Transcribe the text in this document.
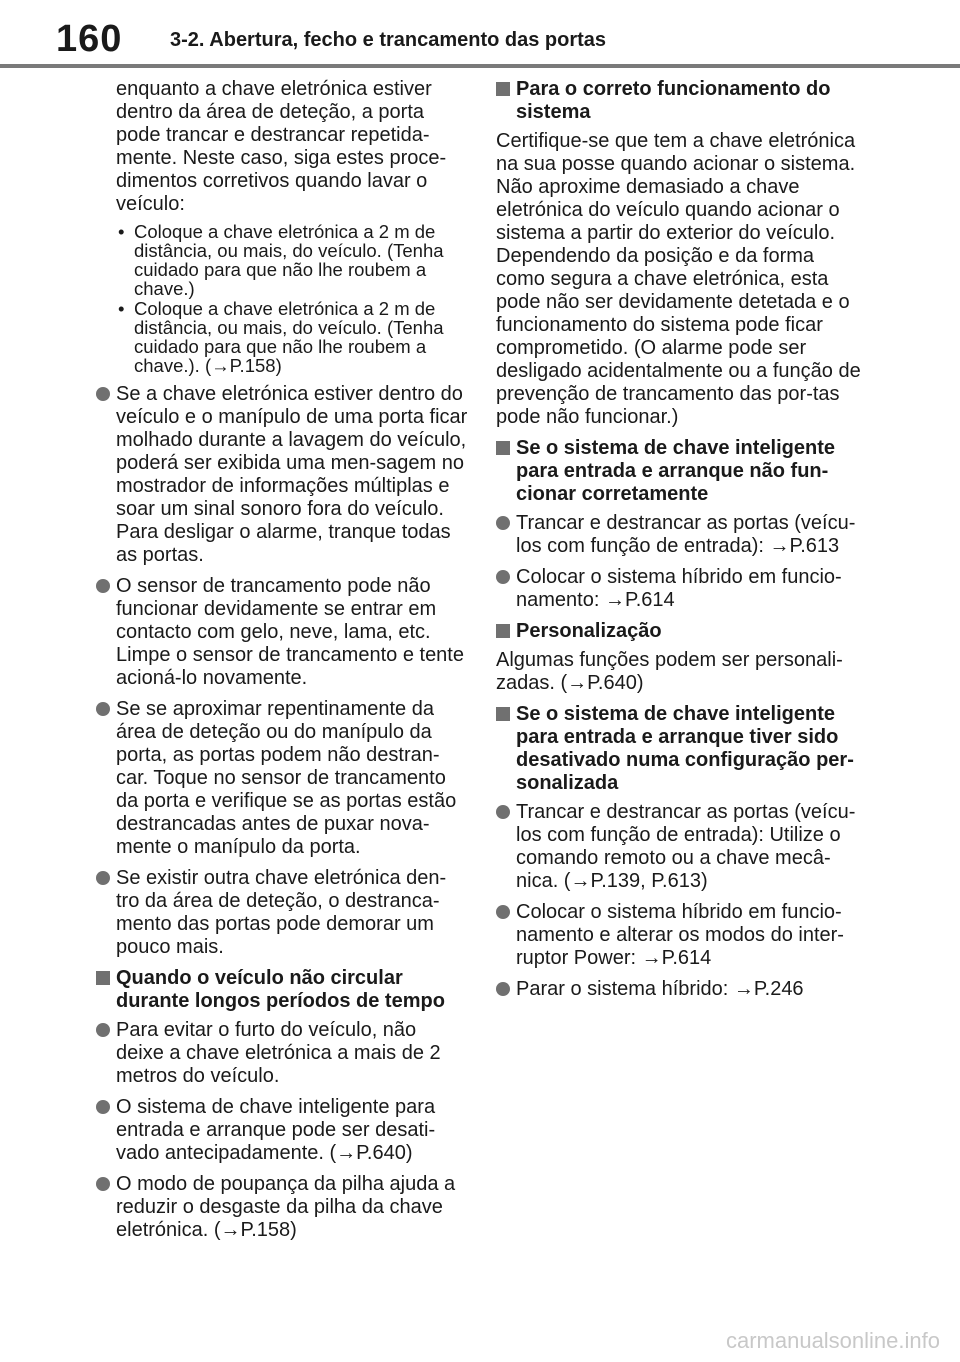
160 3-2. Abertura, fecho e trancamento das portas

enquanto a chave eletrónica estiver dentro da área de deteção, a porta pode trancar e destrancar repetida-mente. Neste caso, siga estes proce-dimentos corretivos quando lavar o veículo:

• Coloque a chave eletrónica a 2 m de distância, ou mais, do veículo. (Tenha cuidado para que não lhe roubem a chave.)
• Coloque a chave eletrónica a 2 m de distância, ou mais, do veículo. (Tenha cuidado para que não lhe roubem a chave.). (→P.158)
Se a chave eletrónica estiver dentro do veículo e o manípulo de uma porta ficar molhado durante a lavagem do veículo, poderá ser exibida uma men-sagem no mostrador de informações múltiplas e soar um sinal sonoro fora do veículo. Para desligar o alarme, tranque todas as portas.
O sensor de trancamento pode não funcionar devidamente se entrar em contacto com gelo, neve, lama, etc. Limpe o sensor de trancamento e tente acioná-lo novamente.
Se se aproximar repentinamente da área de deteção ou do manípulo da porta, as portas podem não destran-car. Toque no sensor de trancamento da porta e verifique se as portas estão destrancadas antes de puxar nova-mente o manípulo da porta.
Se existir outra chave eletrónica den-tro da área de deteção, o destranca-mento das portas pode demorar um pouco mais.
Quando o veículo não circular durante longos períodos de tempo
Para evitar o furto do veículo, não deixe a chave eletrónica a mais de 2 metros do veículo.
O sistema de chave inteligente para entrada e arranque pode ser desati-vado antecipadamente. (→P.640)
O modo de poupança da pilha ajuda a reduzir o desgaste da pilha da chave eletrónica. (→P.158)
Para o correto funcionamento do sistema

Certifique-se que tem a chave eletrónica na sua posse quando acionar o sistema. Não aproxime demasiado a chave eletrónica do veículo quando acionar o sistema a partir do exterior do veículo. Dependendo da posição e da forma como segura a chave eletrónica, esta pode não ser devidamente detetada e o funcionamento do sistema pode ficar comprometido. (O alarme pode ser desligado acidentalmente ou a função de prevenção de trancamento das por-tas pode não funcionar.)

Se o sistema de chave inteligente para entrada e arranque não fun-cionar corretamente
Trancar e destrancar as portas (veícu-los com função de entrada): →P.613
Colocar o sistema híbrido em funcio-namento: →P.614
Personalização

Algumas funções podem ser personali-zadas. (→P.640)

Se o sistema de chave inteligente para entrada e arranque tiver sido desativado numa configuração per-sonalizada
Trancar e destrancar as portas (veícu-los com função de entrada): Utilize o comando remoto ou a chave mecâ-nica. (→P.139, P.613)
Colocar o sistema híbrido em funcio-namento e alterar os modos do inter-ruptor Power: →P.614
Parar o sistema híbrido: →P.246
carmanualsonline.info
